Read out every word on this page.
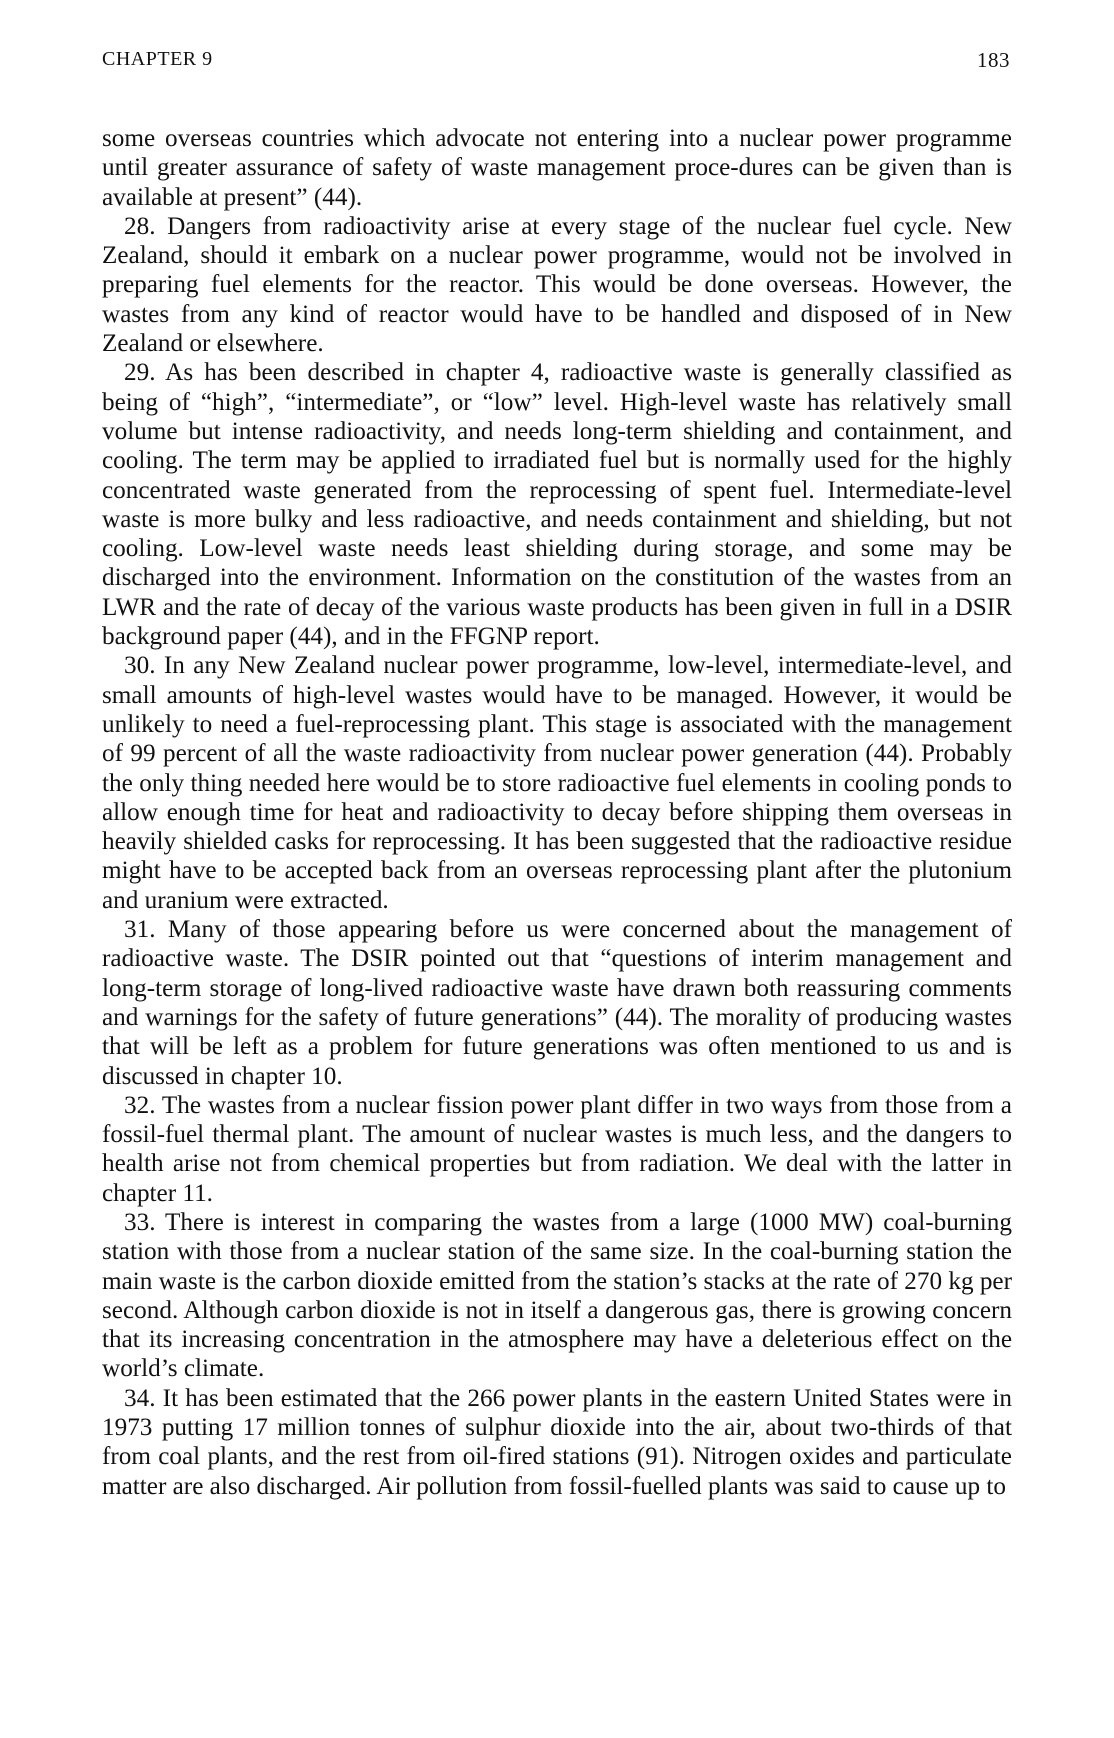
CHAPTER 9	183

some overseas countries which advocate not entering into a nuclear power programme until greater assurance of safety of waste management proce-dures can be given than is available at present” (44).

28. Dangers from radioactivity arise at every stage of the nuclear fuel cycle. New Zealand, should it embark on a nuclear power programme, would not be involved in preparing fuel elements for the reactor. This would be done overseas. However, the wastes from any kind of reactor would have to be handled and disposed of in New Zealand or elsewhere.

29. As has been described in chapter 4, radioactive waste is generally classified as being of “high”, “intermediate”, or “low” level. High-level waste has relatively small volume but intense radioactivity, and needs long-term shielding and containment, and cooling. The term may be applied to irradiated fuel but is normally used for the highly concentrated waste generated from the reprocessing of spent fuel. Intermediate-level waste is more bulky and less radioactive, and needs containment and shielding, but not cooling. Low-level waste needs least shielding during storage, and some may be discharged into the environment. Information on the constitution of the wastes from an LWR and the rate of decay of the various waste products has been given in full in a DSIR background paper (44), and in the FFGNP report.

30. In any New Zealand nuclear power programme, low-level, intermediate-level, and small amounts of high-level wastes would have to be managed. However, it would be unlikely to need a fuel-reprocessing plant. This stage is associated with the management of 99 percent of all the waste radioactivity from nuclear power generation (44). Probably the only thing needed here would be to store radioactive fuel elements in cooling ponds to allow enough time for heat and radioactivity to decay before shipping them overseas in heavily shielded casks for reprocessing. It has been suggested that the radioactive residue might have to be accepted back from an overseas reprocessing plant after the plutonium and uranium were extracted.

31. Many of those appearing before us were concerned about the management of radioactive waste. The DSIR pointed out that “questions of interim management and long-term storage of long-lived radioactive waste have drawn both reassuring comments and warnings for the safety of future generations” (44). The morality of producing wastes that will be left as a problem for future generations was often mentioned to us and is discussed in chapter 10.

32. The wastes from a nuclear fission power plant differ in two ways from those from a fossil-fuel thermal plant. The amount of nuclear wastes is much less, and the dangers to health arise not from chemical properties but from radiation. We deal with the latter in chapter 11.

33. There is interest in comparing the wastes from a large (1000 MW) coal-burning station with those from a nuclear station of the same size. In the coal-burning station the main waste is the carbon dioxide emitted from the station’s stacks at the rate of 270 kg per second. Although carbon dioxide is not in itself a dangerous gas, there is growing concern that its increasing concentration in the atmosphere may have a deleterious effect on the world’s climate.

34. It has been estimated that the 266 power plants in the eastern United States were in 1973 putting 17 million tonnes of sulphur dioxide into the air, about two-thirds of that from coal plants, and the rest from oil-fired stations (91). Nitrogen oxides and particulate matter are also discharged. Air pollution from fossil-fuelled plants was said to cause up to
